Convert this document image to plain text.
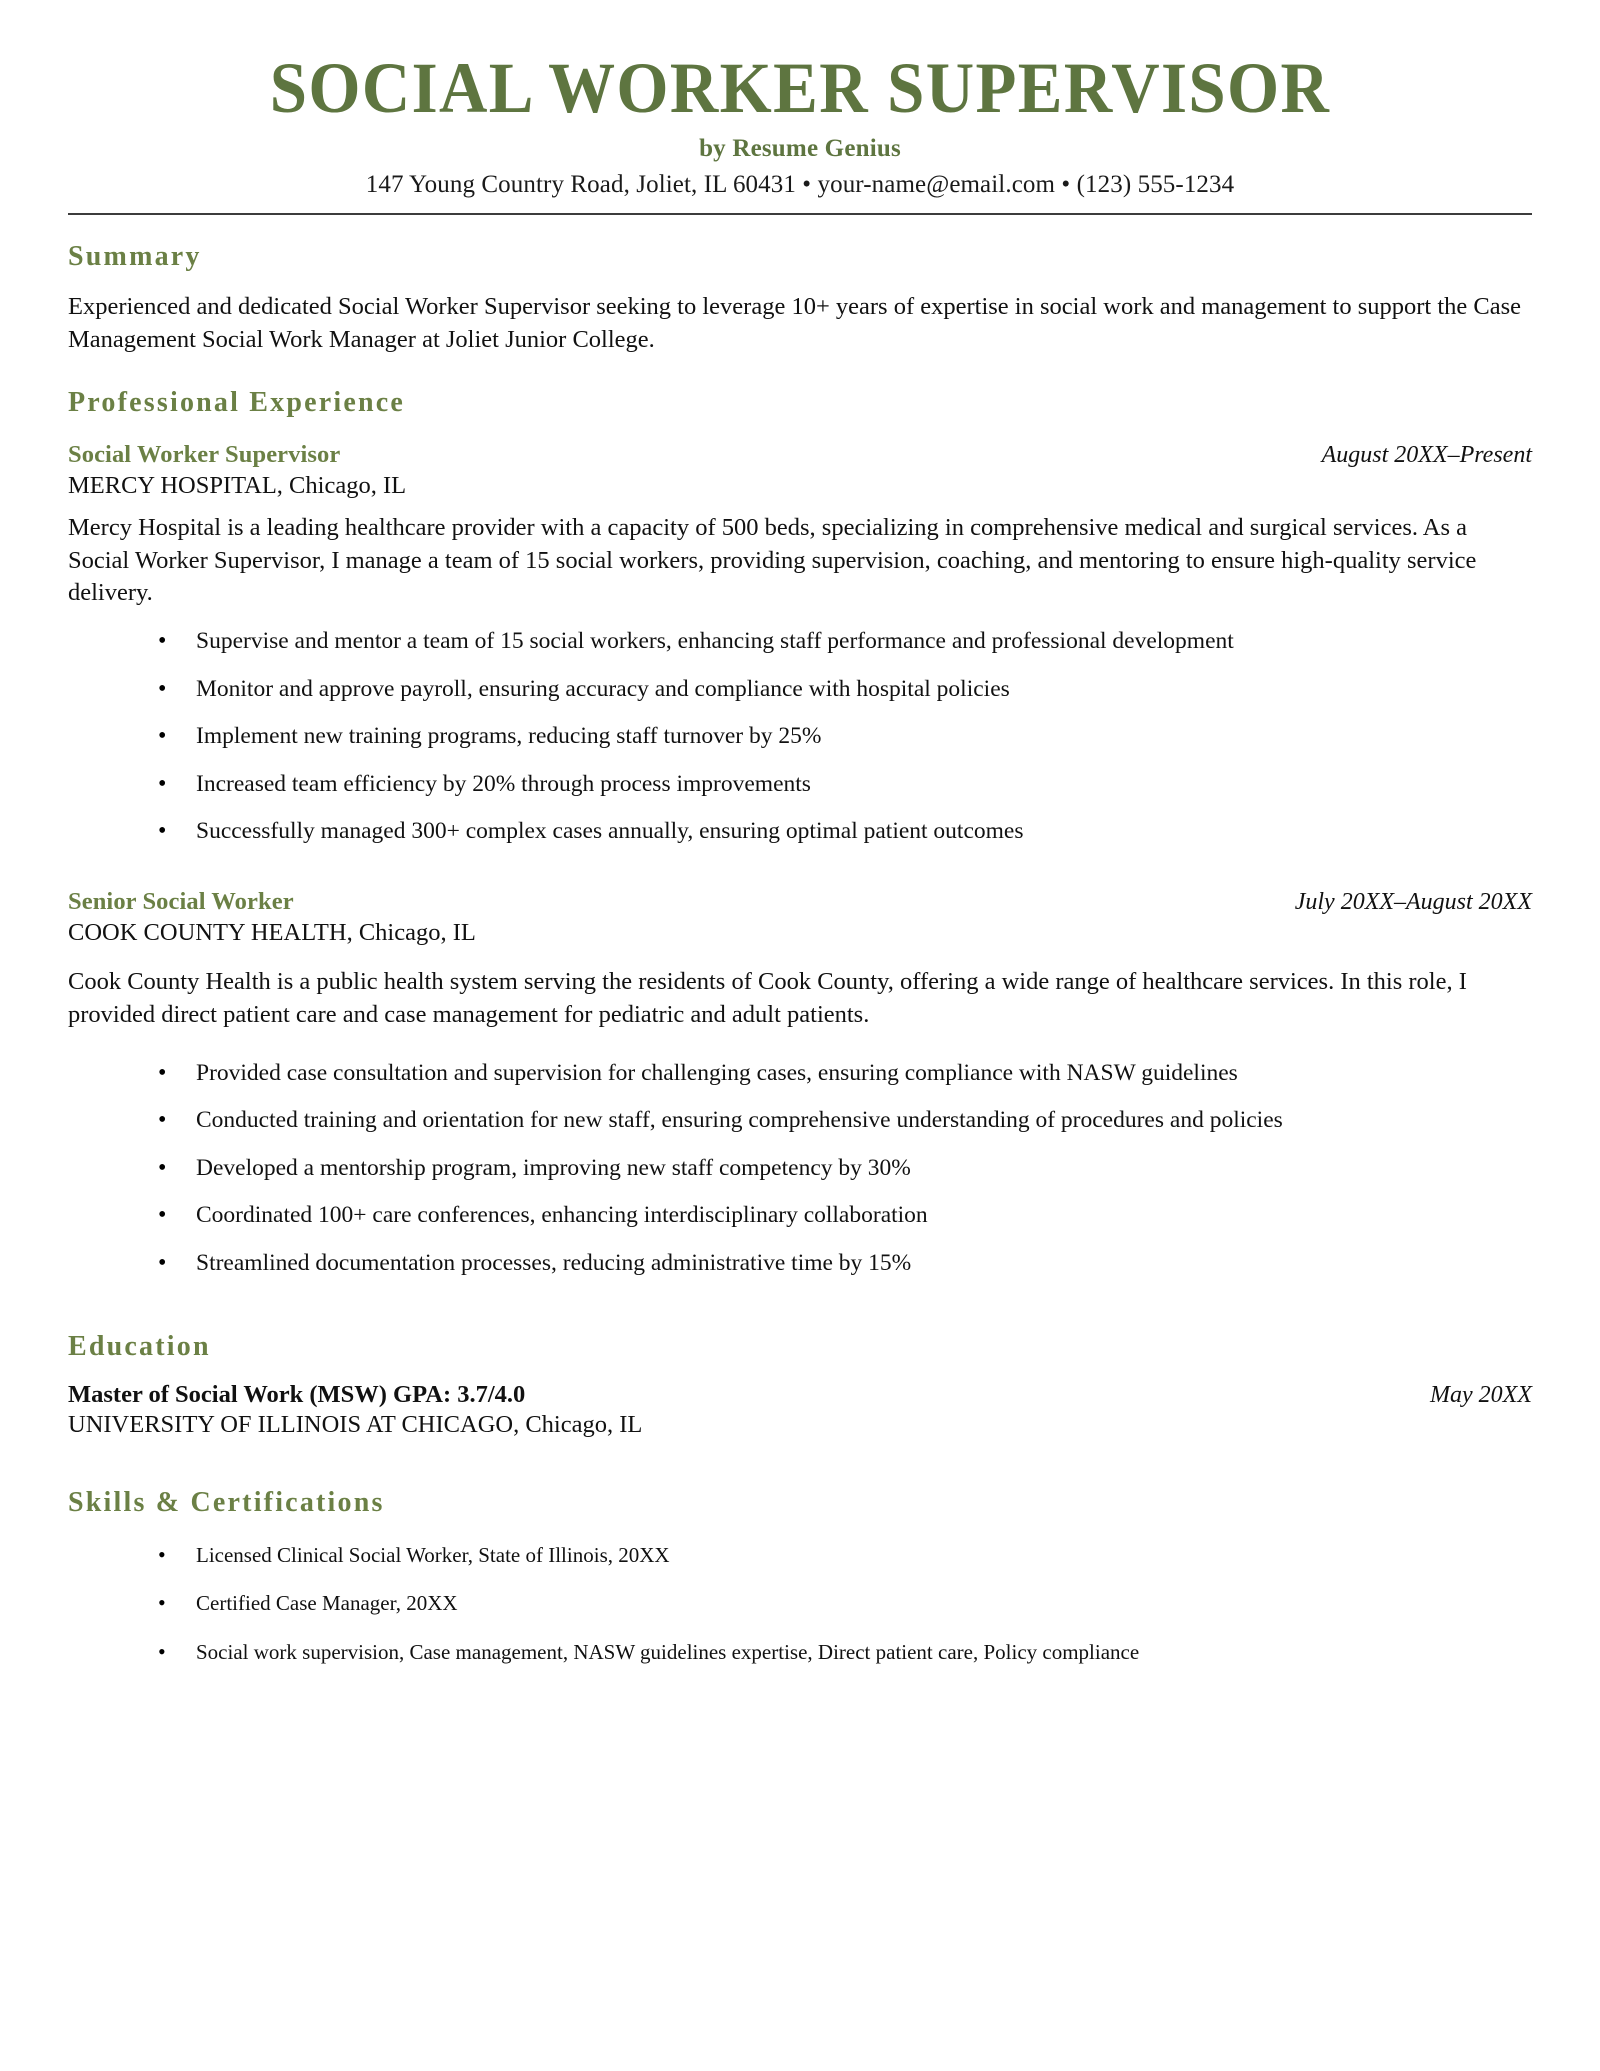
SOCIAL WORKER SUPERVISOR
by Resume Genius
147 Young Country Road, Joliet, IL 60431 • your-name@email.com • (123) 555-1234
Summary

Experienced and dedicated Social Worker Supervisor seeking to leverage 10+ years of expertise in social work and management to support the Case Management Social Work Manager at Joliet Junior College.

Professional Experience
Social Worker Supervisor	August 20XX–Present
MERCY HOSPITAL, Chicago, IL
Mercy Hospital is a leading healthcare provider with a capacity of 500 beds, specializing in comprehensive medical and surgical services. As a Social Worker Supervisor, I manage a team of 15 social workers, providing supervision, coaching, and mentoring to ensure high-quality service delivery.
• Supervise and mentor a team of 15 social workers, enhancing staff performance and professional development
• Monitor and approve payroll, ensuring accuracy and compliance with hospital policies
• Implement new training programs, reducing staff turnover by 25%
• Increased team efficiency by 20% through process improvements
• Successfully managed 300+ complex cases annually, ensuring optimal patient outcomes
Senior Social Worker	July 20XX–August 20XX
COOK COUNTY HEALTH, Chicago, IL
Cook County Health is a public health system serving the residents of Cook County, offering a wide range of healthcare services. In this role, I provided direct patient care and case management for pediatric and adult patients.
• Provided case consultation and supervision for challenging cases, ensuring compliance with NASW guidelines
• Conducted training and orientation for new staff, ensuring comprehensive understanding of procedures and policies
• Developed a mentorship program, improving new staff competency by 30%
• Coordinated 100+ care conferences, enhancing interdisciplinary collaboration
• Streamlined documentation processes, reducing administrative time by 15%
Education
Master of Social Work (MSW) GPA: 3.7/4.0	May 20XX
UNIVERSITY OF ILLINOIS AT CHICAGO, Chicago, IL
Skills & Certifications
• Licensed Clinical Social Worker, State of Illinois, 20XX
• Certified Case Manager, 20XX
• Social work supervision, Case management, NASW guidelines expertise, Direct patient care, Policy compliance
